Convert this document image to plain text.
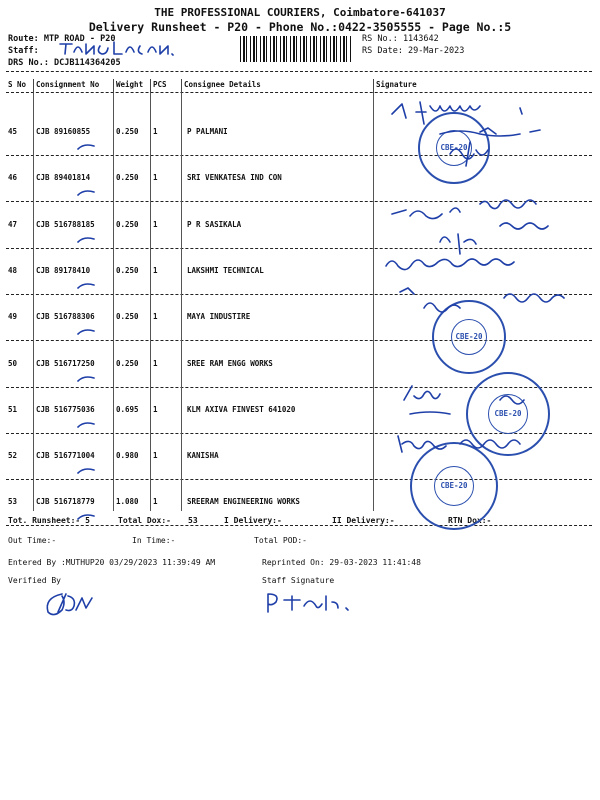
THE PROFESSIONAL COURIERS, Coimbatore-641037
Delivery Runsheet - P20 - Phone No.:0422-3505555 - Page No.:5
Route: MTP ROAD - P20
Staff:
DRS No.: DCJB114364205
RS No.: 1143642
RS Date: 29-Mar-2023
S No Consignment No Weight PCS Consignee Details	Signature
45	CJB 89160855	0.250 1	P PALMANI
46	CJB 89401814	0.250 1	SRI VENKATESA IND CON
47	CJB 516788185	0.250 1	P R SASIKALA
48	CJB 89178410	0.250 1	LAKSHMI TECHNICAL
49	CJB 516788306	0.250 1	MAYA INDUSTIRE
50	CJB 516717250	0.250 1	SREE RAM ENGG WORKS
51	CJB 516775036	0.695 1	KLM AXIVA FINVEST 641020
52	CJB 516771004	0.980 1	KANISHA
53	CJB 516718779	1.080 1	SREERAM ENGINEERING WORKS
Tot. Runsheet:- 5	Total Dox:- 53	I Delivery:-	II Delivery:-	RTN Dox:-
Out Time:-	In Time:-	Total POD:-
Entered By :MUTHUP20 03/29/2023 11:39:49 AM	Reprinted On: 29-03-2023 11:41:48
Verified By	Staff Signature
CBE-20
CBE-20
CBE-20
CBE-20
